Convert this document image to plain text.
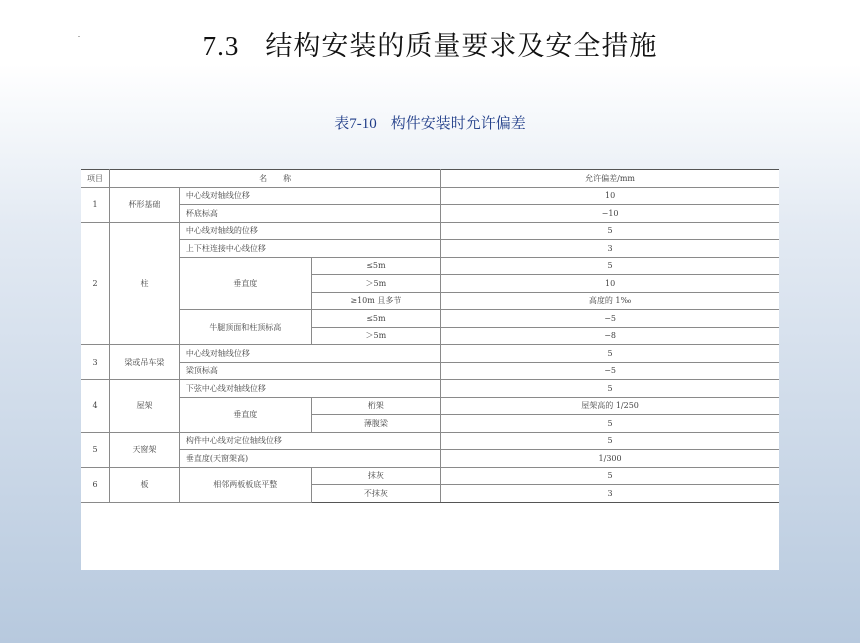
.	7.3 结构安装的质量要求及安全措施
表7-10 构件安装时允许偏差
项目	名　　称			允许偏差/mm
1	杯形基础	中心线对轴线位移		10
		杯底标高		−10
2	柱	中心线对轴线的位移		5
		上下柱连接中心线位移		3
		垂直度	≤5m	5
			＞5m	10
			≥10m 且多节	高度的 1‰
		牛腿顶面和柱顶标高	≤5m	−5
			＞5m	−8
3	梁或吊车梁	中心线对轴线位移		5
		梁顶标高		−5
4	屋架	下弦中心线对轴线位移		5
		垂直度	桁架	屋架高的 1/250
			薄腹梁	5
5	天窗架	构件中心线对定位轴线位移		5
		垂直度(天窗架高)		1/300
6	板	相邻两板板底平整	抹灰	5
			不抹灰	3
